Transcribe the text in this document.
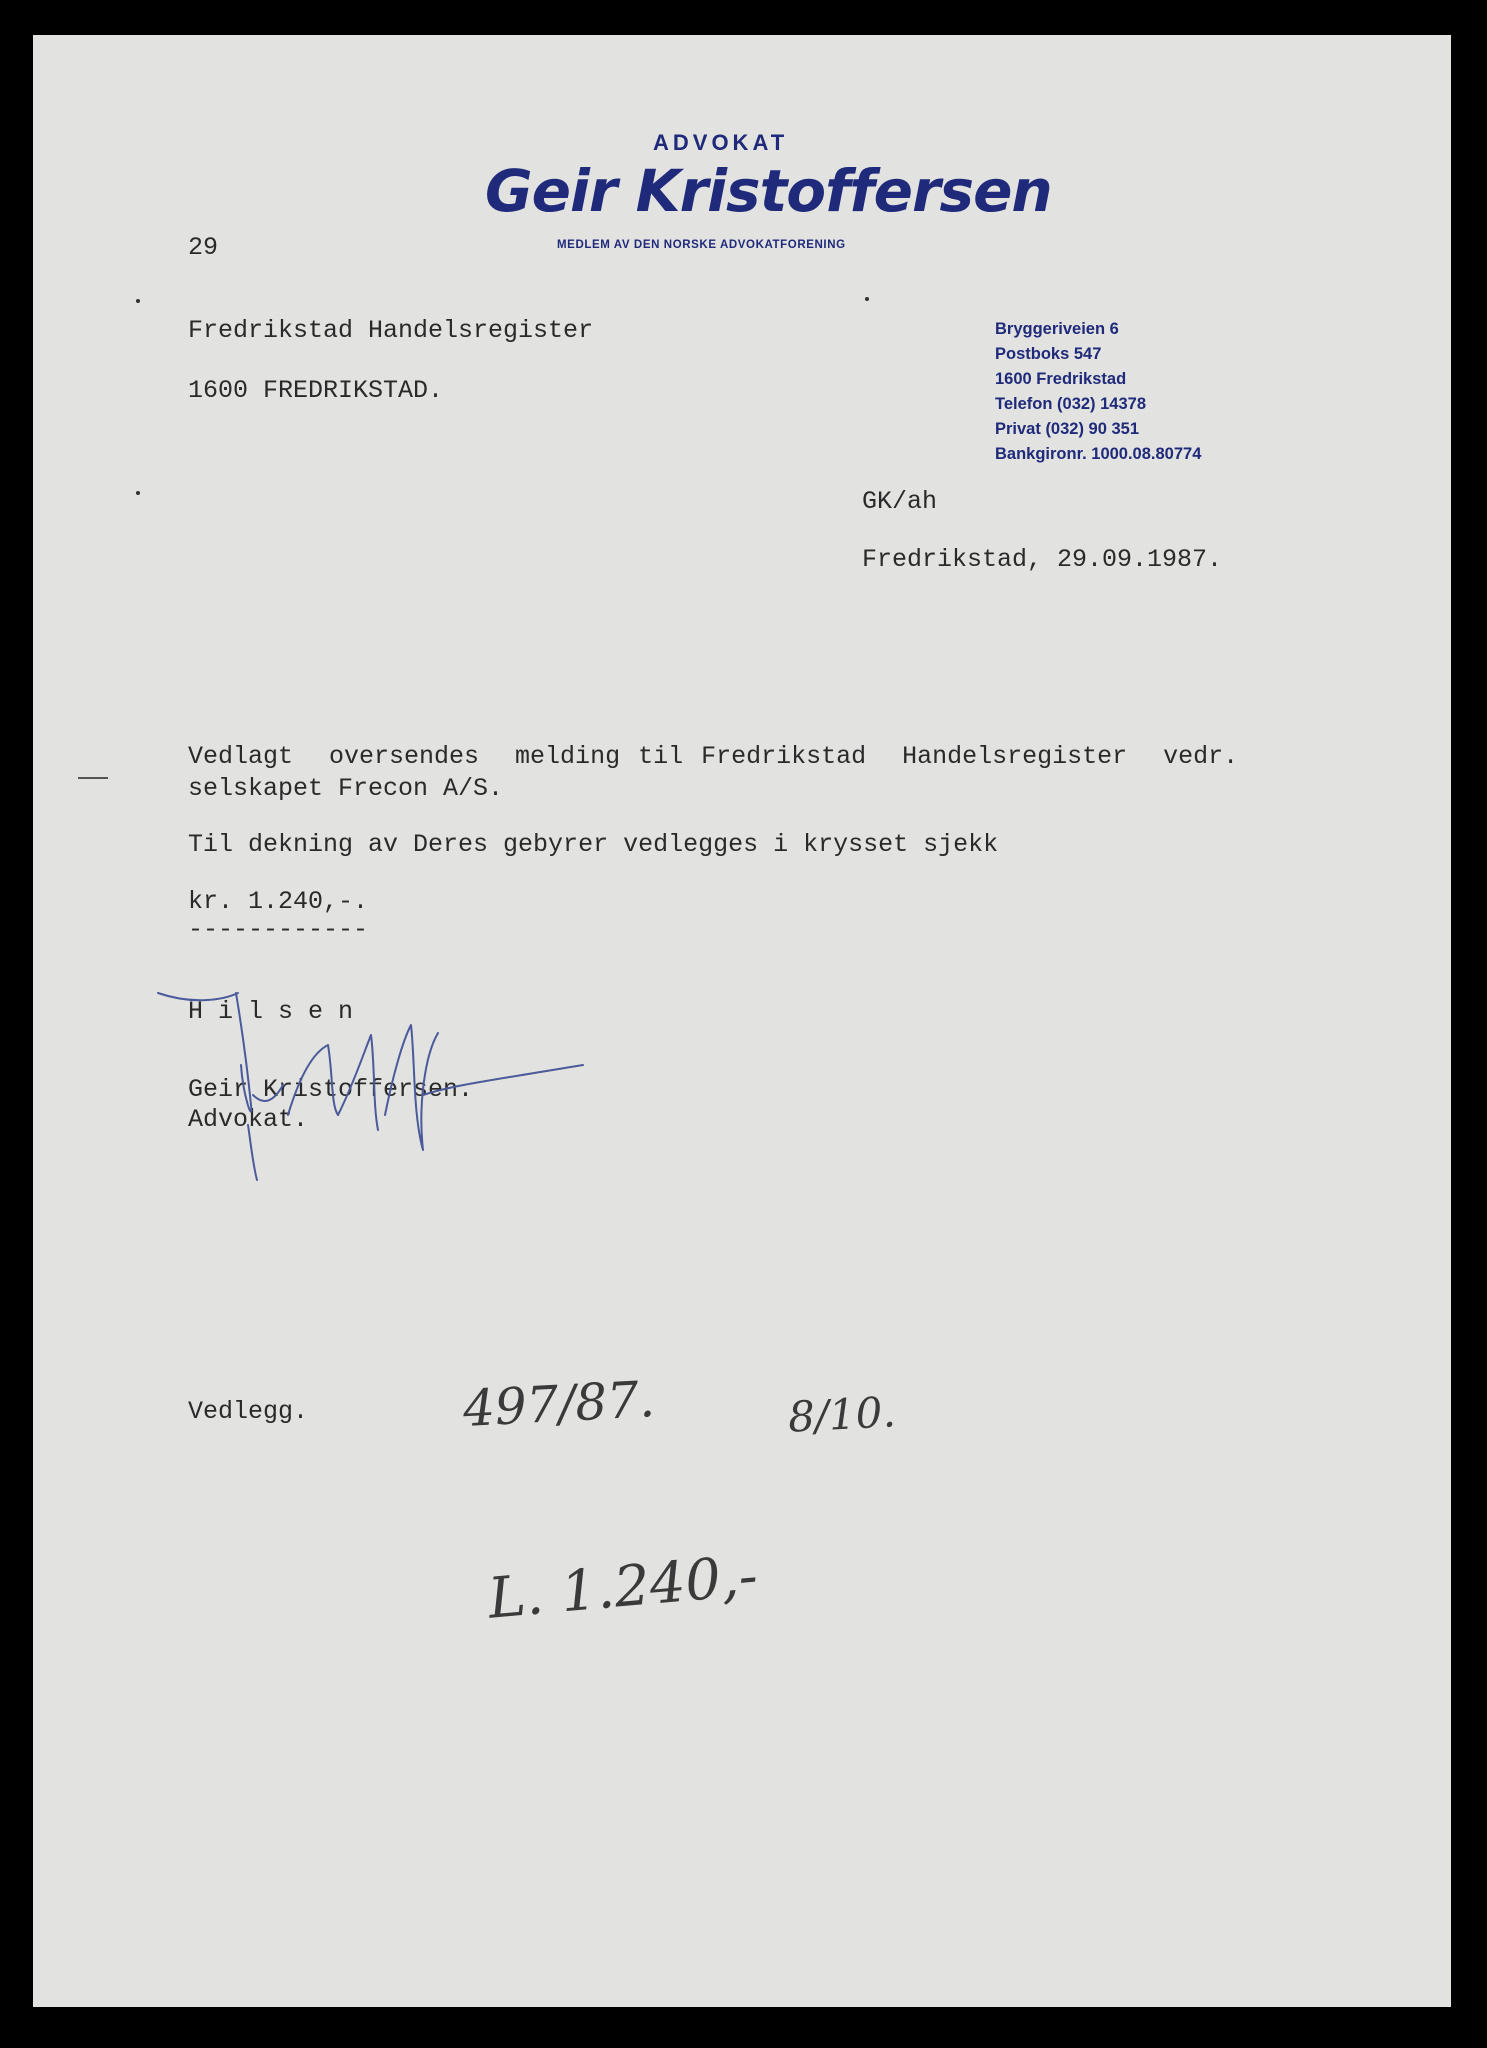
ADVOKAT
Geir Kristoffersen
MEDLEM AV DEN NORSKE ADVOKATFORENING
29
Fredrikstad Handelsregister
1600 FREDRIKSTAD.
Bryggeriveien 6
Postboks 547
1600 Fredrikstad
Telefon (032) 14378
Privat (032) 90 351
Bankgironr. 1000.08.80774
GK/ah
Fredrikstad, 29.09.1987.
Vedlagt  oversendes  melding til Fredrikstad  Handelsregister  vedr.
selskapet Frecon A/S.
Til dekning av Deres gebyrer vedlegges i krysset sjekk
kr. 1.240,-.
------------
H i l s e n
Geir Kristoffersen.
Advokat.
Vedlegg.	497/87.	8/10.
L. 1.240,-
